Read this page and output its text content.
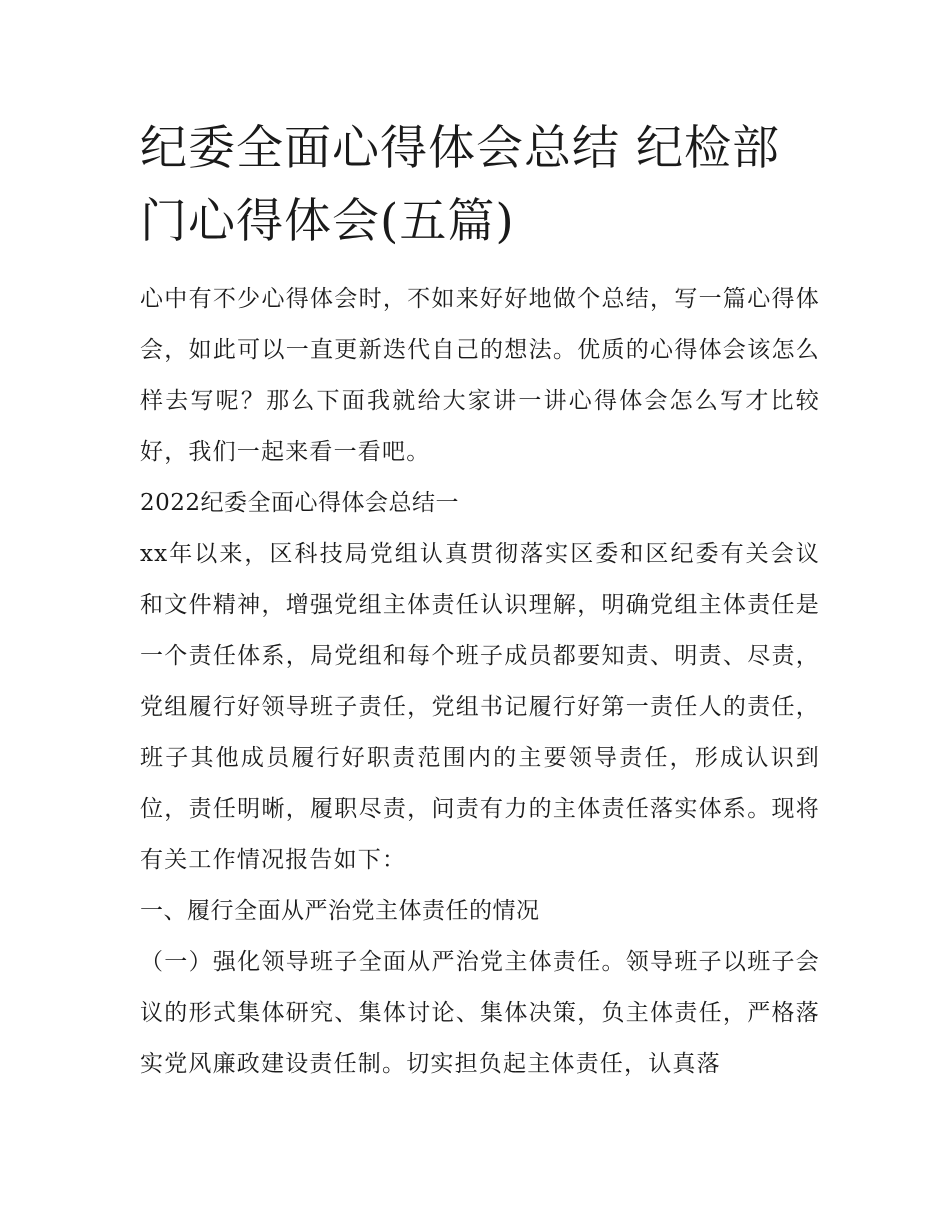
纪委全面心得体会总结 纪检部门心得体会(五篇)

心中有不少心得体会时，不如来好好地做个总结，写一篇心得体会，如此可以一直更新迭代自己的想法。优质的心得体会该怎么样去写呢？那么下面我就给大家讲一讲心得体会怎么写才比较好，我们一起来看一看吧。

2022纪委全面心得体会总结一

xx年以来，区科技局党组认真贯彻落实区委和区纪委有关会议和文件精神，增强党组主体责任认识理解，明确党组主体责任是一个责任体系，局党组和每个班子成员都要知责、明责、尽责，党组履行好领导班子责任，党组书记履行好第一责任人的责任，班子其他成员履行好职责范围内的主要领导责任，形成认识到位，责任明晰，履职尽责，问责有力的主体责任落实体系。现将有关工作情况报告如下：

一、履行全面从严治党主体责任的情况

（一）强化领导班子全面从严治党主体责任。领导班子以班子会议的形式集体研究、集体讨论、集体决策，负主体责任，严格落实党风廉政建设责任制。切实担负起主体责任，认真落
